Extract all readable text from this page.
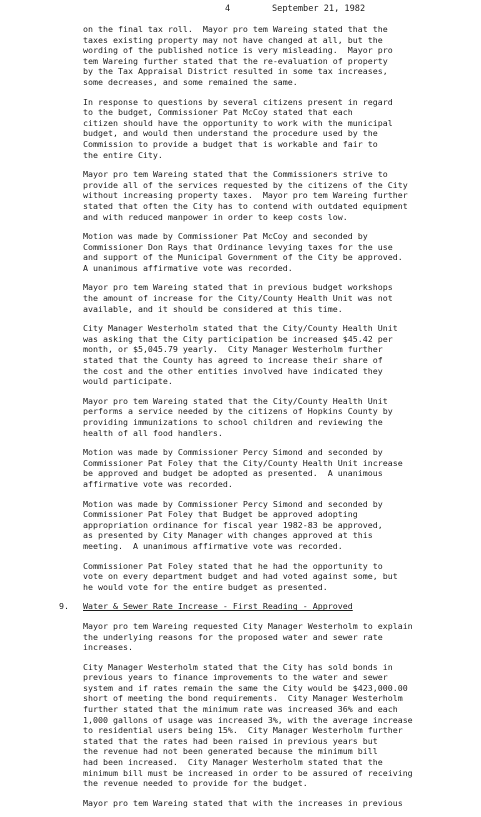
4	September 21, 1982
on the final tax roll.  Mayor pro tem Wareing stated that the
taxes existing property may not have changed at all, but the
wording of the published notice is very misleading.  Mayor pro
tem Wareing further stated that the re-evaluation of property
by the Tax Appraisal District resulted in some tax increases,
some decreases, and some remained the same.
In response to questions by several citizens present in regard
to the budget, Commissioner Pat McCoy stated that each
citizen should have the opportunity to work with the municipal
budget, and would then understand the procedure used by the
Commission to provide a budget that is workable and fair to
the entire City.
Mayor pro tem Wareing stated that the Commissioners strive to
provide all of the services requested by the citizens of the City
without increasing property taxes.  Mayor pro tem Wareing further
stated that often the City has to contend with outdated equipment
and with reduced manpower in order to keep costs low.
Motion was made by Commissioner Pat McCoy and seconded by
Commissioner Don Rays that Ordinance levying taxes for the use
and support of the Municipal Government of the City be approved.
A unanimous affirmative vote was recorded.
Mayor pro tem Wareing stated that in previous budget workshops
the amount of increase for the City/County Health Unit was not
available, and it should be considered at this time.
City Manager Westerholm stated that the City/County Health Unit
was asking that the City participation be increased $45.42 per
month, or $5,045.79 yearly.  City Manager Westerholm further
stated that the County has agreed to increase their share of
the cost and the other entities involved have indicated they
would participate.
Mayor pro tem Wareing stated that the City/County Health Unit
performs a service needed by the citizens of Hopkins County by
providing immunizations to school children and reviewing the
health of all food handlers.
Motion was made by Commissioner Percy Simond and seconded by
Commissioner Pat Foley that the City/County Health Unit increase
be approved and budget be adopted as presented.  A unanimous
affirmative vote was recorded.
Motion was made by Commissioner Percy Simond and seconded by
Commissioner Pat Foley that Budget be approved adopting
appropriation ordinance for fiscal year 1982-83 be approved,
as presented by City Manager with changes approved at this
meeting.  A unanimous affirmative vote was recorded.
Commissioner Pat Foley stated that he had the opportunity to
vote on every department budget and had voted against some, but
he would vote for the entire budget as presented.
9. Water & Sewer Rate Increase - First Reading - Approved
Mayor pro tem Wareing requested City Manager Westerholm to explain
the underlying reasons for the proposed water and sewer rate
increases.
City Manager Westerholm stated that the City has sold bonds in
previous years to finance improvements to the water and sewer
system and if rates remain the same the City would be $423,000.00
short of meeting the bond requirements.  City Manager Westerholm
further stated that the minimum rate was increased 36% and each
1,000 gallons of usage was increased 3%, with the average increase
to residential users being 15%.  City Manager Westerholm further
stated that the rates had been raised in previous years but
the revenue had not been generated because the minimum bill
had been increased.  City Manager Westerholm stated that the
minimum bill must be increased in order to be assured of receiving
the revenue needed to provide for the budget.
Mayor pro tem Wareing stated that with the increases in previous
